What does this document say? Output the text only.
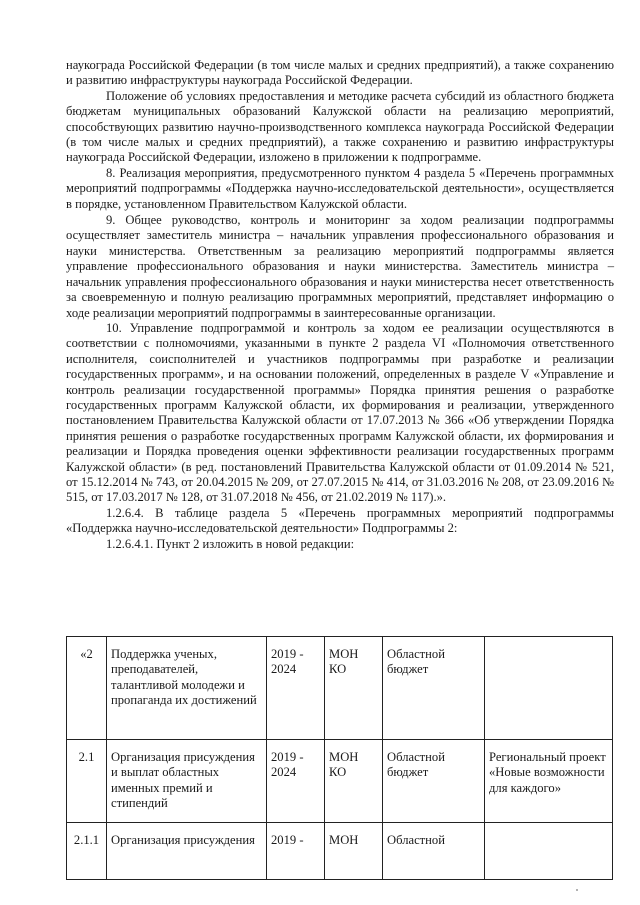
наукограда Российской Федерации (в том числе малых и средних предприятий), а также сохранению и развитию инфраструктуры наукограда Российской Федерации.

Положение об условиях предоставления и методике расчета субсидий из областного бюджета бюджетам муниципальных образований Калужской области на реализацию мероприятий, способствующих развитию научно-производственного комплекса наукограда Российской Федерации (в том числе малых и средних предприятий), а также сохранению и развитию инфраструктуры наукограда Российской Федерации, изложено в приложении к подпрограмме.

8. Реализация мероприятия, предусмотренного пунктом 4 раздела 5 «Перечень программных мероприятий подпрограммы «Поддержка научно-исследовательской деятельности», осуществляется в порядке, установленном Правительством Калужской области.

9. Общее руководство, контроль и мониторинг за ходом реализации подпрограммы осуществляет заместитель министра – начальник управления профессионального образования и науки министерства. Ответственным за реализацию мероприятий подпрограммы является управление профессионального образования и науки министерства. Заместитель министра – начальник управления профессионального образования и науки министерства несет ответственность за своевременную и полную реализацию программных мероприятий, представляет информацию о ходе реализации мероприятий подпрограммы в заинтересованные организации.

10. Управление подпрограммой и контроль за ходом ее реализации осуществляются в соответствии с полномочиями, указанными в пункте 2 раздела VI «Полномочия ответственного исполнителя, соисполнителей и участников подпрограммы при разработке и реализации государственных программ», и на основании положений, определенных в разделе V «Управление и контроль реализации государственной программы» Порядка принятия решения о разработке государственных программ Калужской области, их формирования и реализации, утвержденного постановлением Правительства Калужской области от 17.07.2013 № 366 «Об утверждении Порядка принятия решения о разработке государственных программ Калужской области, их формирования и реализации и Порядка проведения оценки эффективности реализации государственных программ Калужской области» (в ред. постановлений Правительства Калужской области от 01.09.2014 № 521, от 15.12.2014 № 743, от 20.04.2015 № 209, от 27.07.2015 № 414, от 31.03.2016 № 208, от 23.09.2016 № 515, от 17.03.2017 № 128, от 31.07.2018 № 456, от 21.02.2019 № 117).».

1.2.6.4. В таблице раздела 5 «Перечень программных мероприятий подпрограммы «Поддержка научно-исследовательской деятельности» Подпрограммы 2:

1.2.6.4.1. Пункт 2 изложить в новой редакции:

«2	Поддержка ученых, преподавателей, талантливой молодежи и пропаганда их достижений	2019 - 2024	МОН КО	Областной бюджет	
2.1	Организация присуждения и выплат областных именных премий и стипендий	2019 - 2024	МОН КО	Областной бюджет	Региональный проект «Новые возможности для каждого»
2.1.1	Организация присуждения	2019 -	МОН	Областной	
